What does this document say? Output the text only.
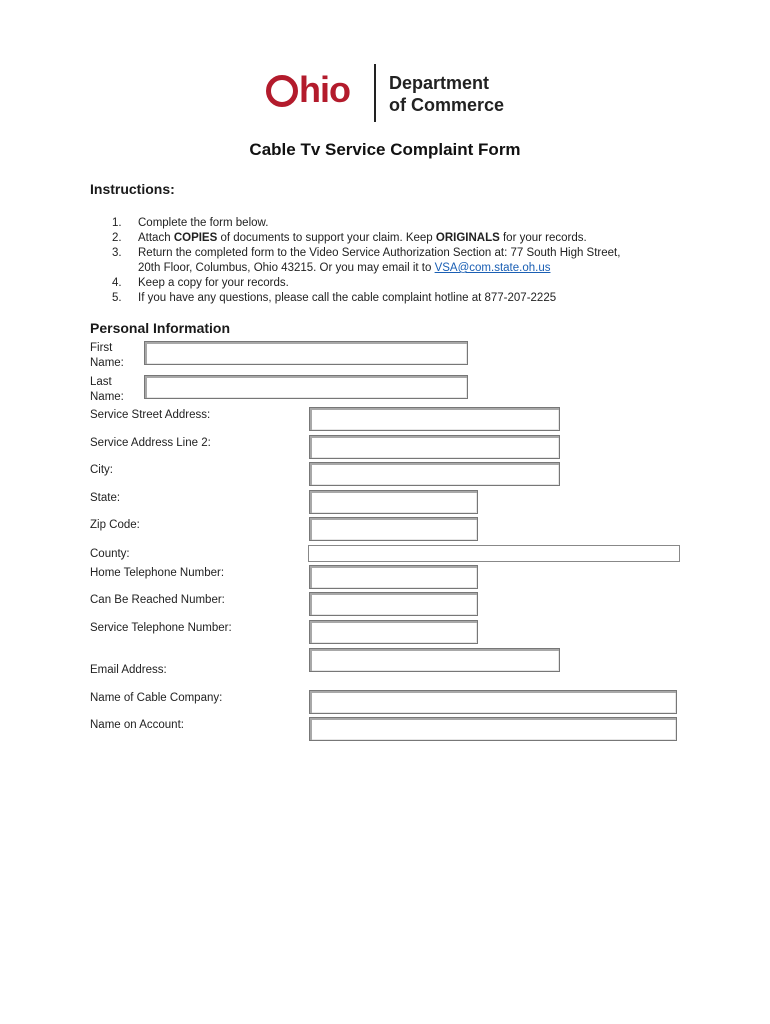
hio Department
of Commerce
Cable Tv Service Complaint Form
Instructions:
1.	Complete the form below.
2.	Attach COPIES of documents to support your claim. Keep ORIGINALS for your records.
3.	Return the completed form to the Video Service Authorization Section at: 77 South High Street,
20th Floor, Columbus, Ohio 43215. Or you may email it to VSA@com.state.oh.us
4.	Keep a copy for your records.
5.	If you have any questions, please call the cable complaint hotline at 877-207-2225
Personal Information
First
Name:
Last
Name:
Service Street Address:
Service Address Line 2:
City:
State:
Zip Code:
County:
Home Telephone Number:
Can Be Reached Number:
Service Telephone Number:
Email Address:
Name of Cable Company:
Name on Account:
